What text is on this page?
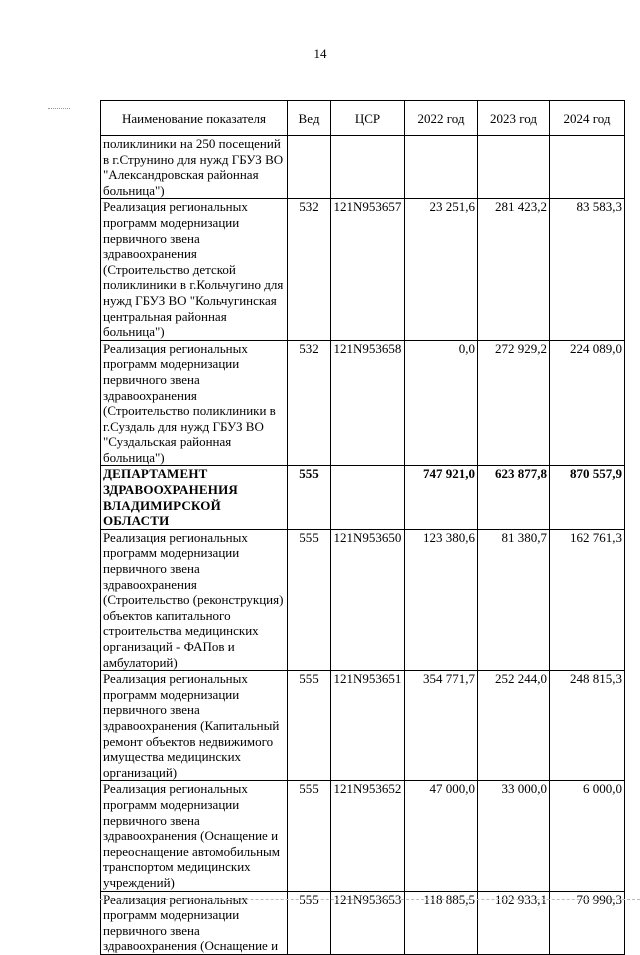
14
Наименование показателя	Вед	ЦСР	2022 год	2023 год	2024 год
поликлиники на 250 посещений в г.Струнино для нужд ГБУЗ ВО "Александровская районная больница")					
Реализация региональных программ модернизации первичного звена здравоохранения (Строительство детской поликлиники в г.Кольчугино для нужд ГБУЗ ВО "Кольчугинская центральная районная больница")	532	121N953657	23 251,6	281 423,2	83 583,3
Реализация региональных программ модернизации первичного звена здравоохранения (Строительство поликлиники в г.Суздаль для нужд ГБУЗ ВО "Суздальская районная больница")	532	121N953658	0,0	272 929,2	224 089,0
ДЕПАРТАМЕНТ ЗДРАВООХРАНЕНИЯ ВЛАДИМИРСКОЙ ОБЛАСТИ	555		747 921,0	623 877,8	870 557,9
Реализация региональных программ модернизации первичного звена здравоохранения (Строительство (реконструкция) объектов капитального строительства медицинских организаций - ФАПов и амбулаторий)	555	121N953650	123 380,6	81 380,7	162 761,3
Реализация региональных программ модернизации первичного звена здравоохранения (Капитальный ремонт объектов недвижимого имущества медицинских организаций)	555	121N953651	354 771,7	252 244,0	248 815,3
Реализация региональных программ модернизации первичного звена здравоохранения (Оснащение и переоснащение автомобильным транспортом медицинских учреждений)	555	121N953652	47 000,0	33 000,0	6 000,0
Реализация региональных программ модернизации первичного звена здравоохранения (Оснащение и	555	121N953653	118 885,5	102 933,1	70 990,3
